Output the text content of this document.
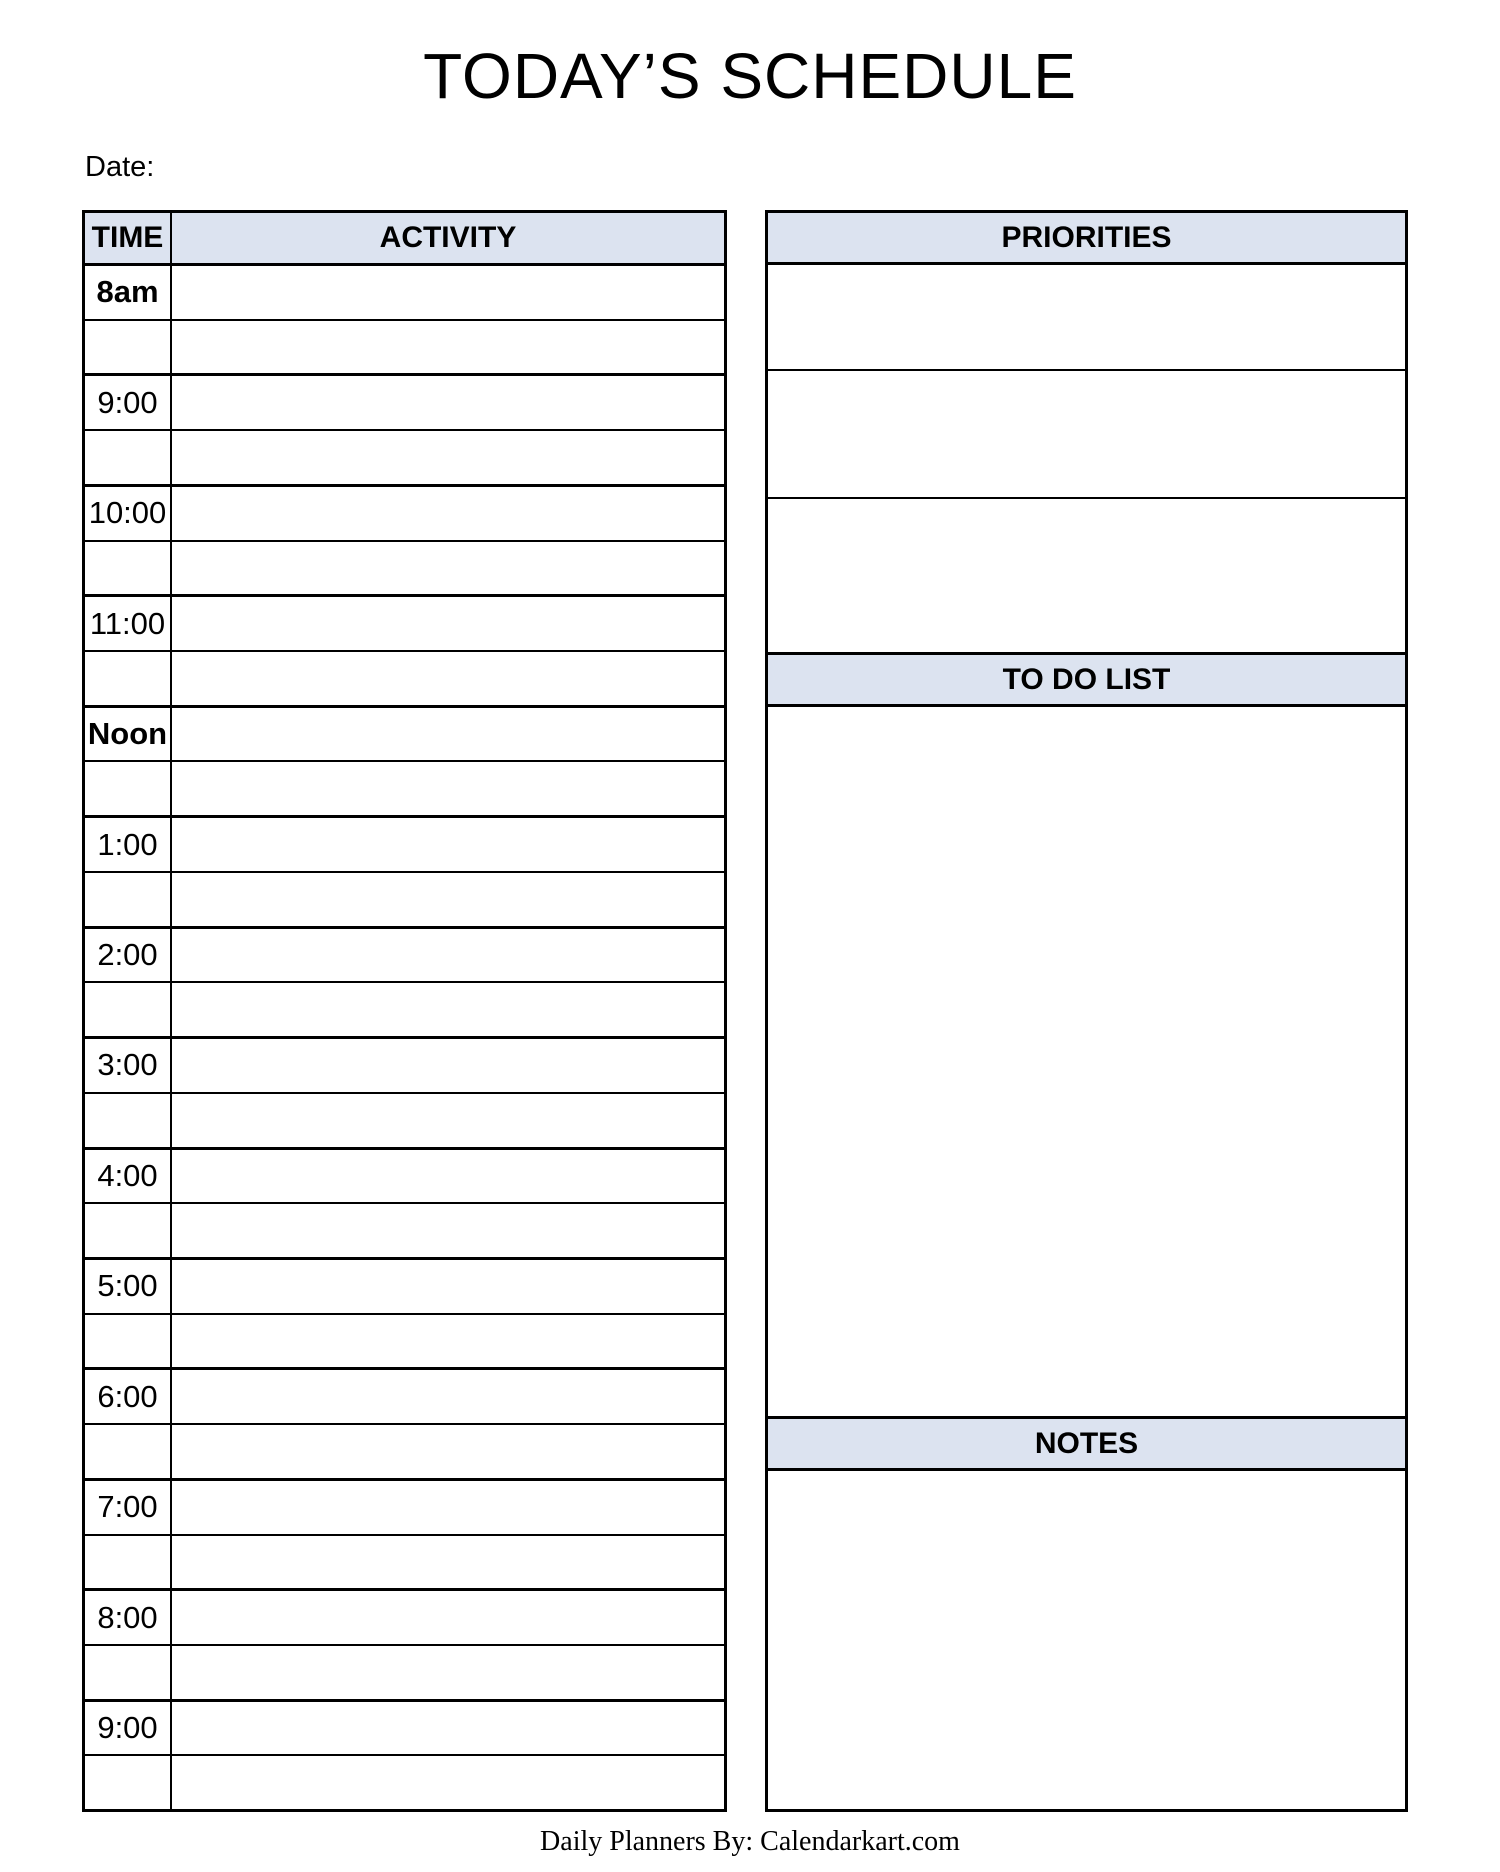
TODAY’S SCHEDULE
Date:
TIME	ACTIVITY
8am
9:00
10:00
11:00
Noon
1:00
2:00
3:00
4:00
5:00
6:00
7:00
8:00
9:00
PRIORITIES
TO DO LIST
NOTES
Daily Planners By: Calendarkart.com
